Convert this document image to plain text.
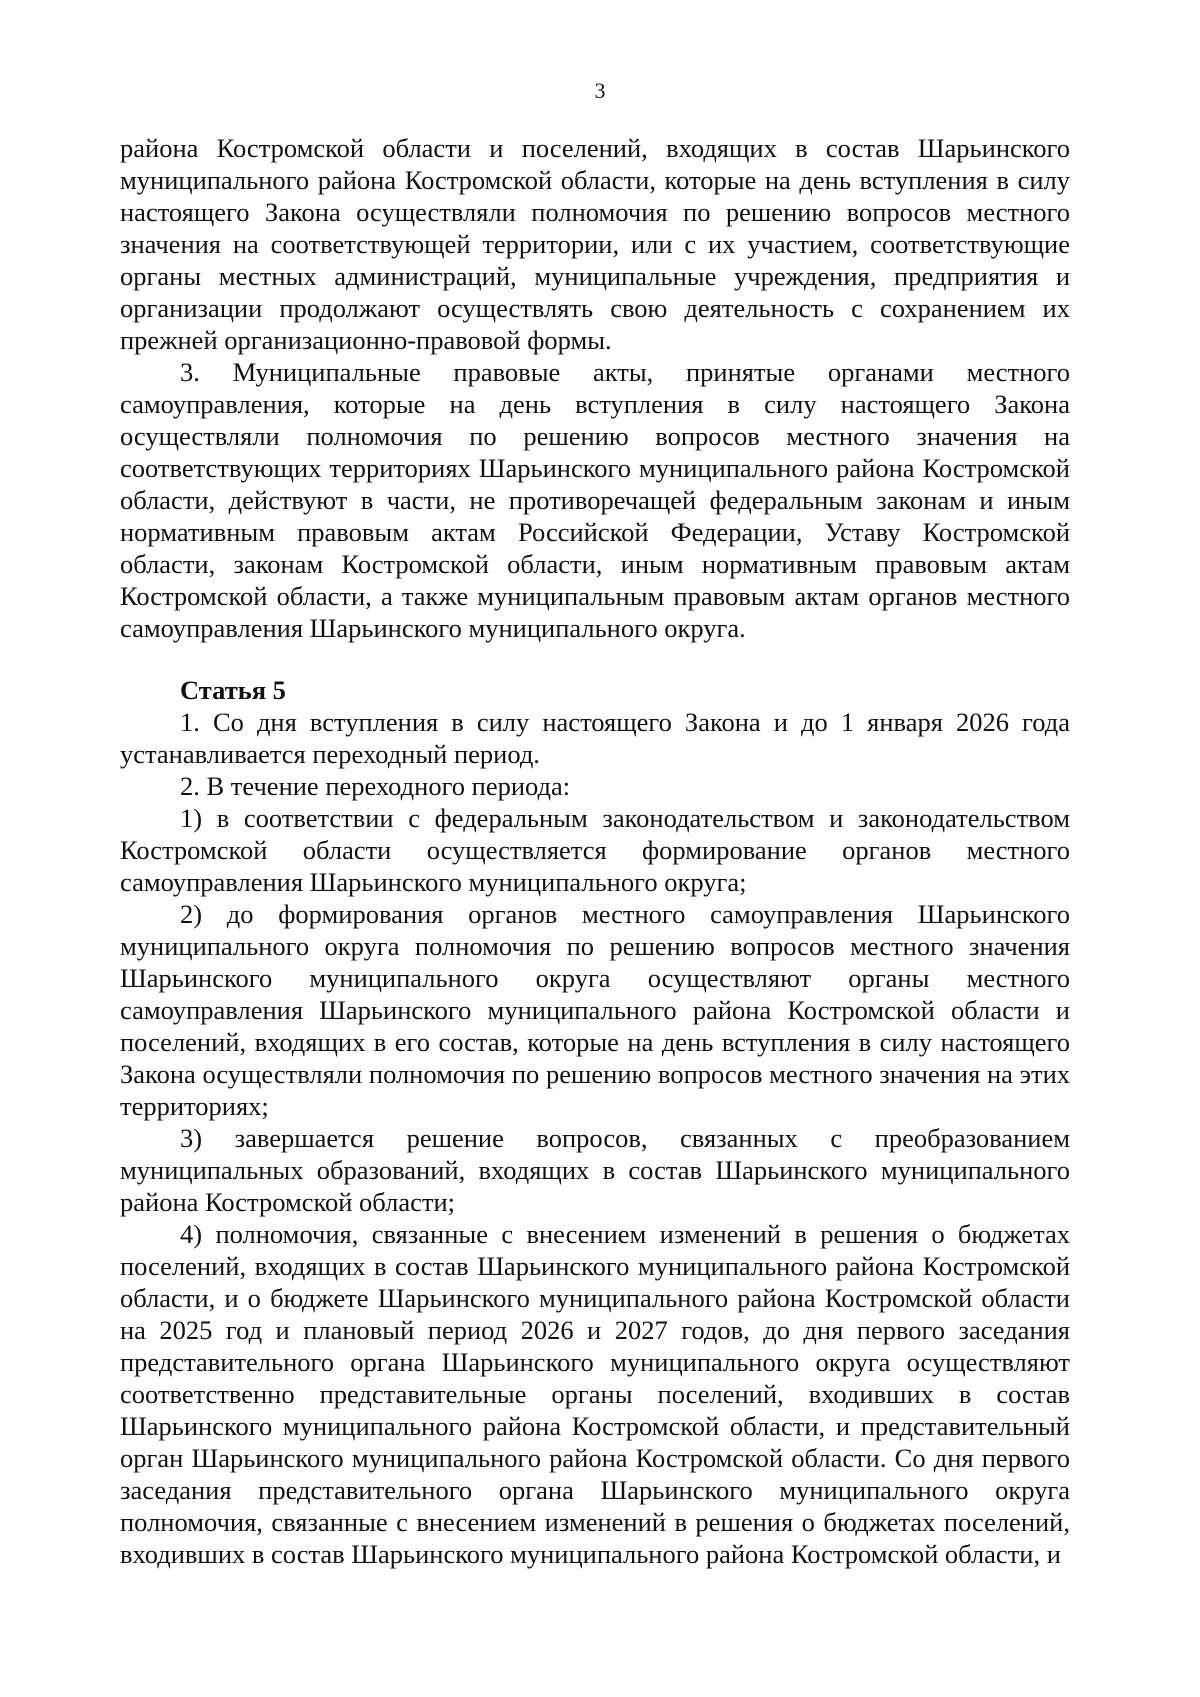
3

района Костромской области и поселений, входящих в состав Шарьинского муниципального района Костромской области, которые на день вступления в силу настоящего Закона осуществляли полномочия по решению вопросов местного значения на соответствующей территории, или с их участием, соответствующие органы местных администраций, муниципальные учреждения, предприятия и организации продолжают осуществлять свою деятельность с сохранением их прежней организационно-правовой формы.

3. Муниципальные правовые акты, принятые органами местного самоуправления, которые на день вступления в силу настоящего Закона осуществляли полномочия по решению вопросов местного значения на соответствующих территориях Шарьинского муниципального района Костромской области, действуют в части, не противоречащей федеральным законам и иным нормативным правовым актам Российской Федерации, Уставу Костромской области, законам Костромской области, иным нормативным правовым актам Костромской области, а также муниципальным правовым актам органов местного самоуправления Шарьинского муниципального округа.

Статья 5

1. Со дня вступления в силу настоящего Закона и до 1 января 2026 года устанавливается переходный период.

2. В течение переходного периода:

1) в соответствии с федеральным законодательством и законодательством Костромской области осуществляется формирование органов местного самоуправления Шарьинского муниципального округа;

2) до формирования органов местного самоуправления Шарьинского муниципального округа полномочия по решению вопросов местного значения Шарьинского муниципального округа осуществляют органы местного самоуправления Шарьинского муниципального района Костромской области и поселений, входящих в его состав, которые на день вступления в силу настоящего Закона осуществляли полномочия по решению вопросов местного значения на этих территориях;

3) завершается решение вопросов, связанных с преобразованием муниципальных образований, входящих в состав Шарьинского муниципального района Костромской области;

4) полномочия, связанные с внесением изменений в решения о бюджетах поселений, входящих в состав Шарьинского муниципального района Костромской области, и о бюджете Шарьинского муниципального района Костромской области на 2025 год и плановый период 2026 и 2027 годов, до дня первого заседания представительного органа Шарьинского муниципального округа осуществляют соответственно представительные органы поселений, входивших в состав Шарьинского муниципального района Костромской области, и представительный орган Шарьинского муниципального района Костромской области. Со дня первого заседания представительного органа Шарьинского муниципального округа полномочия, связанные с внесением изменений в решения о бюджетах поселений, входивших в состав Шарьинского муниципального района Костромской области, и
